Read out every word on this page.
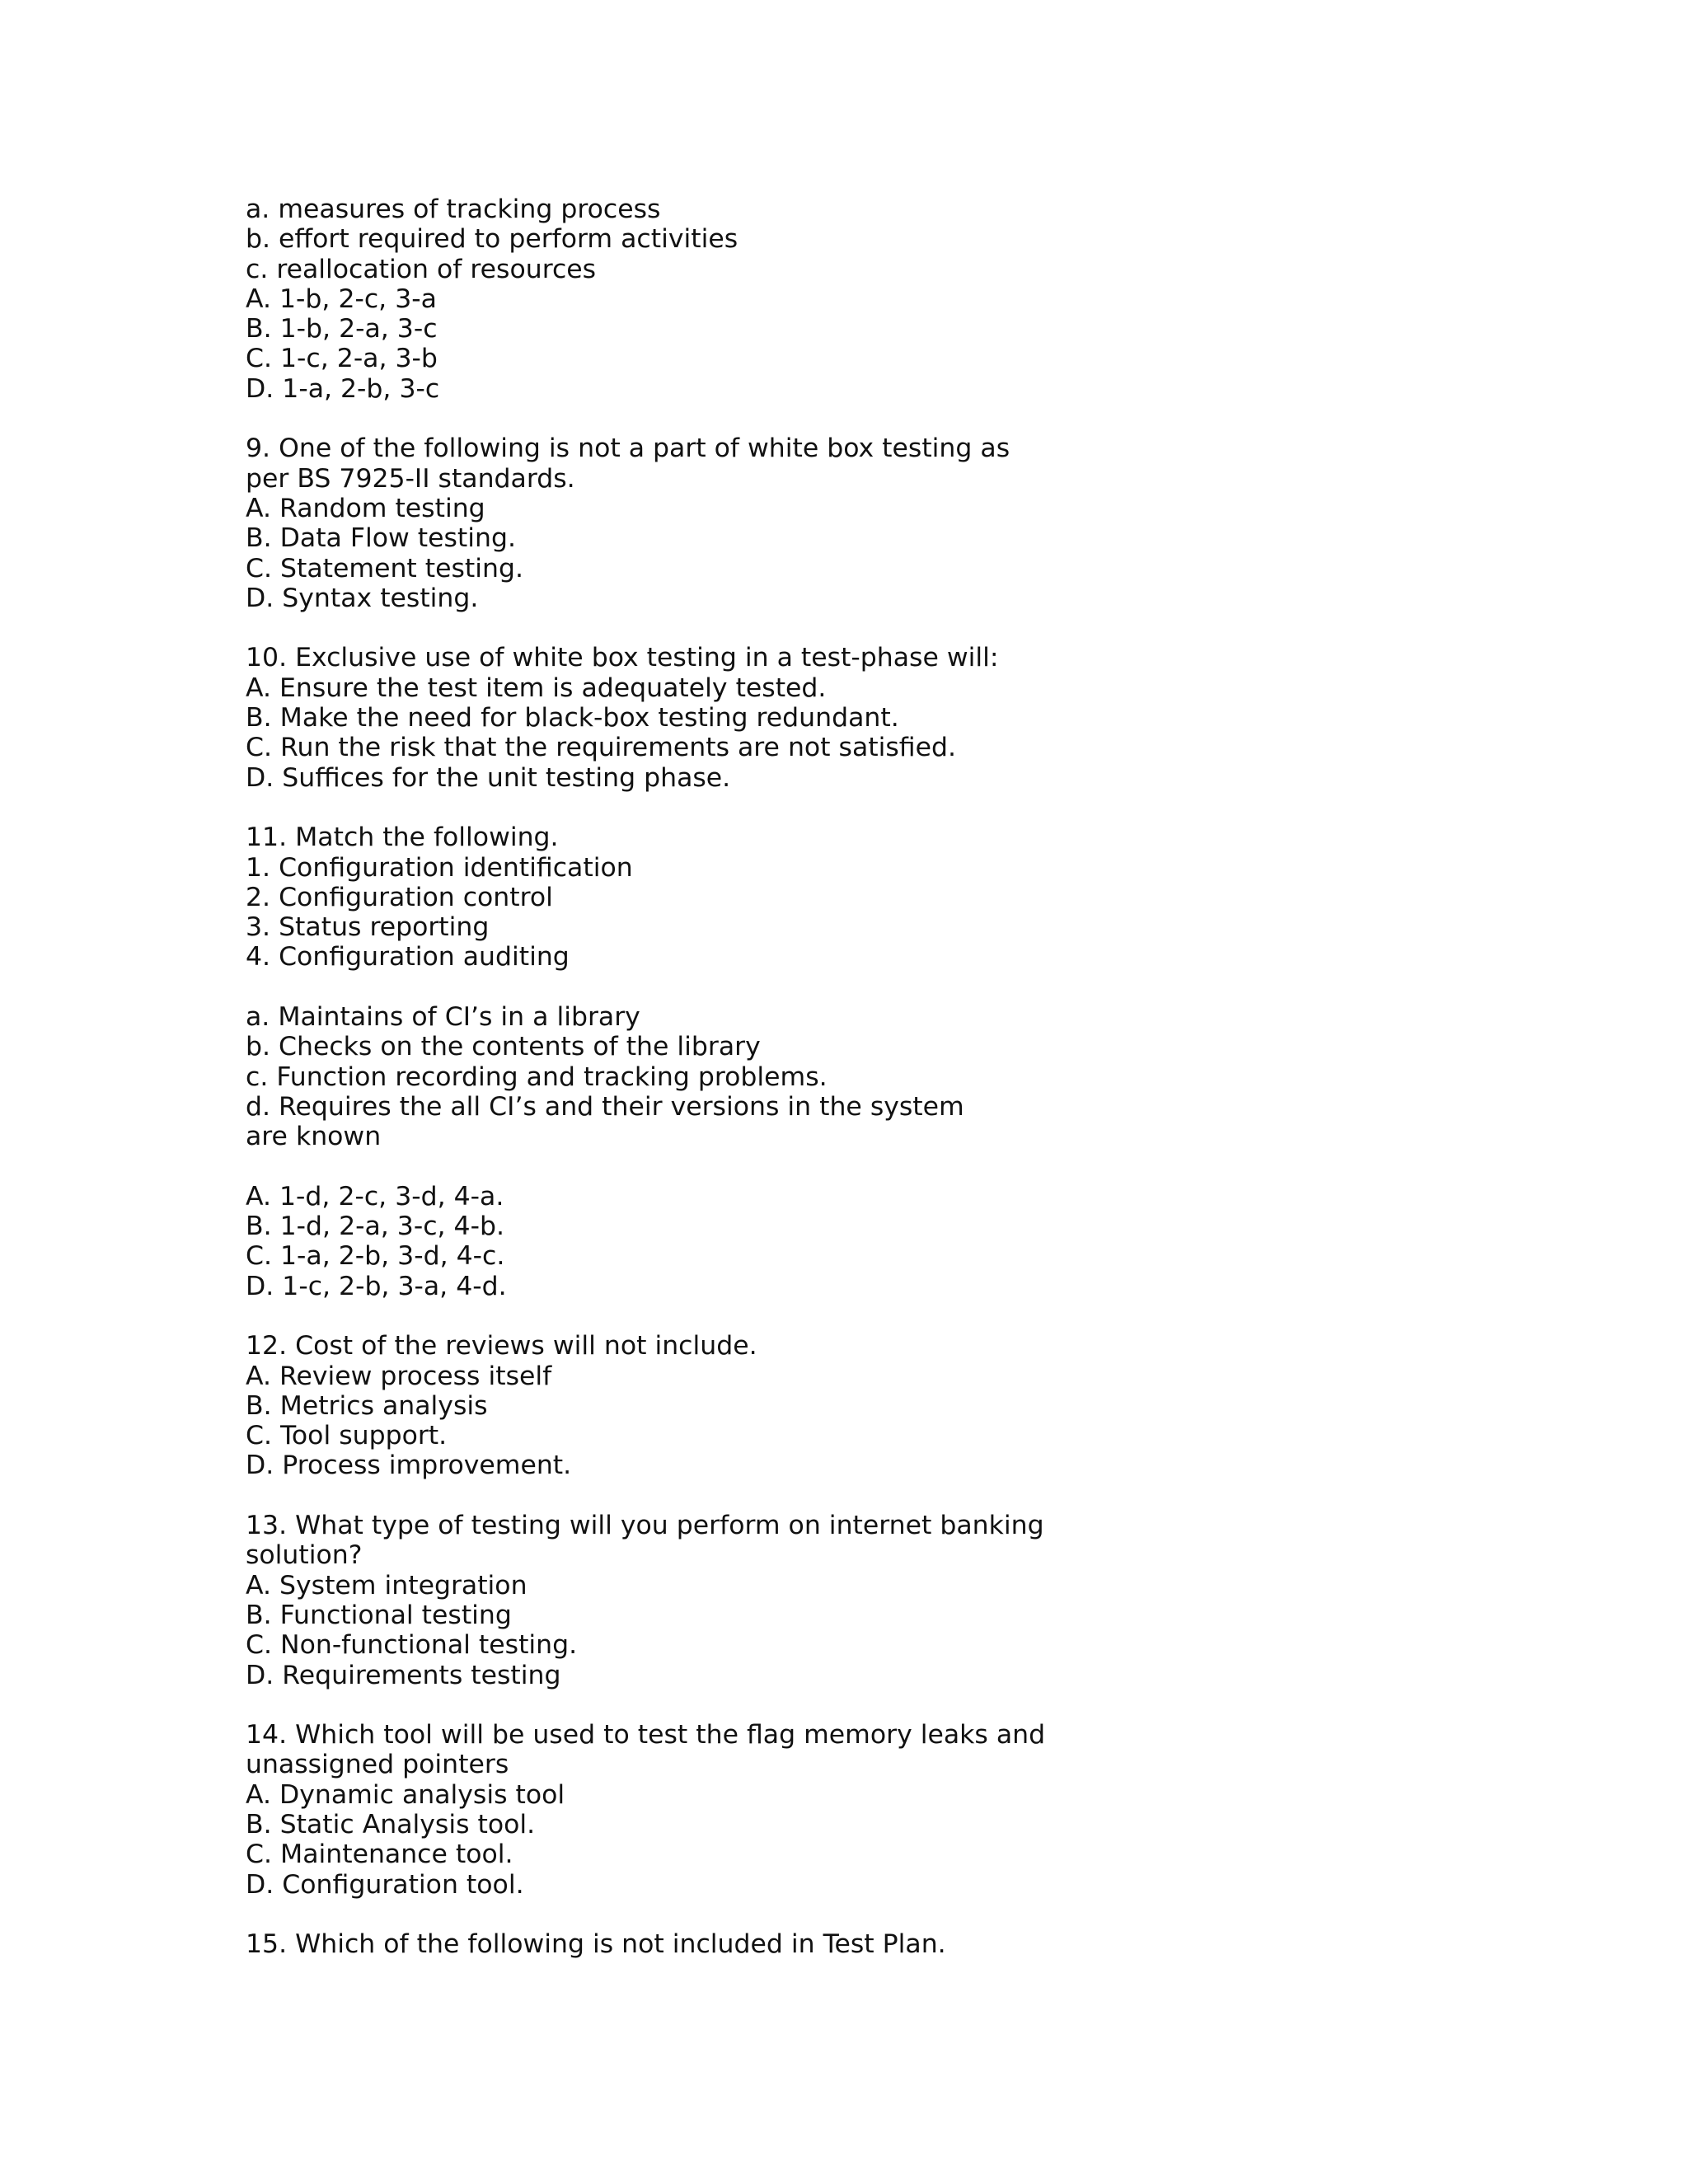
a. measures of tracking process
b. effort required to perform activities
c. reallocation of resources
A. 1-b, 2-c, 3-a
B. 1-b, 2-a, 3-c
C. 1-c, 2-a, 3-b
D. 1-a, 2-b, 3-c
9. One of the following is not a part of white box testing as
per BS 7925-II standards.
A. Random testing
B. Data Flow testing.
C. Statement testing.
D. Syntax testing.
10. Exclusive use of white box testing in a test-phase will:
A. Ensure the test item is adequately tested.
B. Make the need for black-box testing redundant.
C. Run the risk that the requirements are not satisfied.
D. Suffices for the unit testing phase.
11. Match the following.
1. Configuration identification
2. Configuration control
3. Status reporting
4. Configuration auditing
a. Maintains of CI’s in a library
b. Checks on the contents of the library
c. Function recording and tracking problems.
d. Requires the all CI’s and their versions in the system
are known
A. 1-d, 2-c, 3-d, 4-a.
B. 1-d, 2-a, 3-c, 4-b.
C. 1-a, 2-b, 3-d, 4-c.
D. 1-c, 2-b, 3-a, 4-d.
12. Cost of the reviews will not include.
A. Review process itself
B. Metrics analysis
C. Tool support.
D. Process improvement.
13. What type of testing will you perform on internet banking
solution?
A. System integration
B. Functional testing
C. Non-functional testing.
D. Requirements testing
14. Which tool will be used to test the flag memory leaks and
unassigned pointers
A. Dynamic analysis tool
B. Static Analysis tool.
C. Maintenance tool.
D. Configuration tool.
15. Which of the following is not included in Test Plan.
